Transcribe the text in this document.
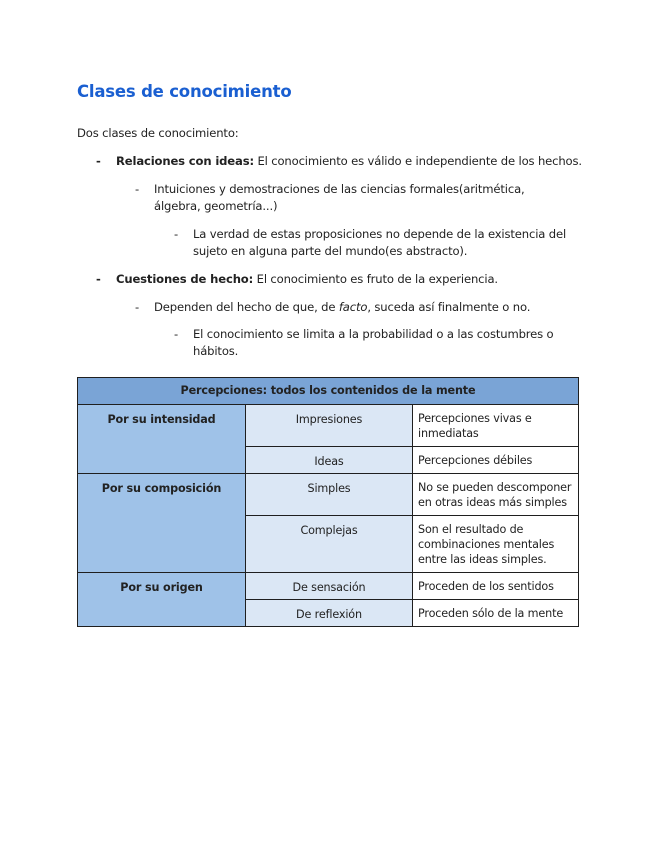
Clases de conocimiento
Dos clases de conocimiento:
- Relaciones con ideas: El conocimiento es válido e independiente de los hechos.
- Intuiciones y demostraciones de las ciencias formales(aritmética, álgebra, geometría...)
- La verdad de estas proposiciones no depende de la existencia del sujeto en alguna parte del mundo(es abstracto).
- Cuestiones de hecho: El conocimiento es fruto de la experiencia.
- Dependen del hecho de que, de facto, suceda así finalmente o no.
- El conocimiento se limita a la probabilidad o a las costumbres o hábitos.
Percepciones: todos los contenidos de la mente		
Por su intensidad	Impresiones	Percepciones vivas e inmediatas
	Ideas	Percepciones débiles
Por su composición	Simples	No se pueden descomponer en otras ideas más simples
	Complejas	Son el resultado de combinaciones mentales entre las ideas simples.
Por su origen	De sensación	Proceden de los sentidos
	De reflexión	Proceden sólo de la mente
